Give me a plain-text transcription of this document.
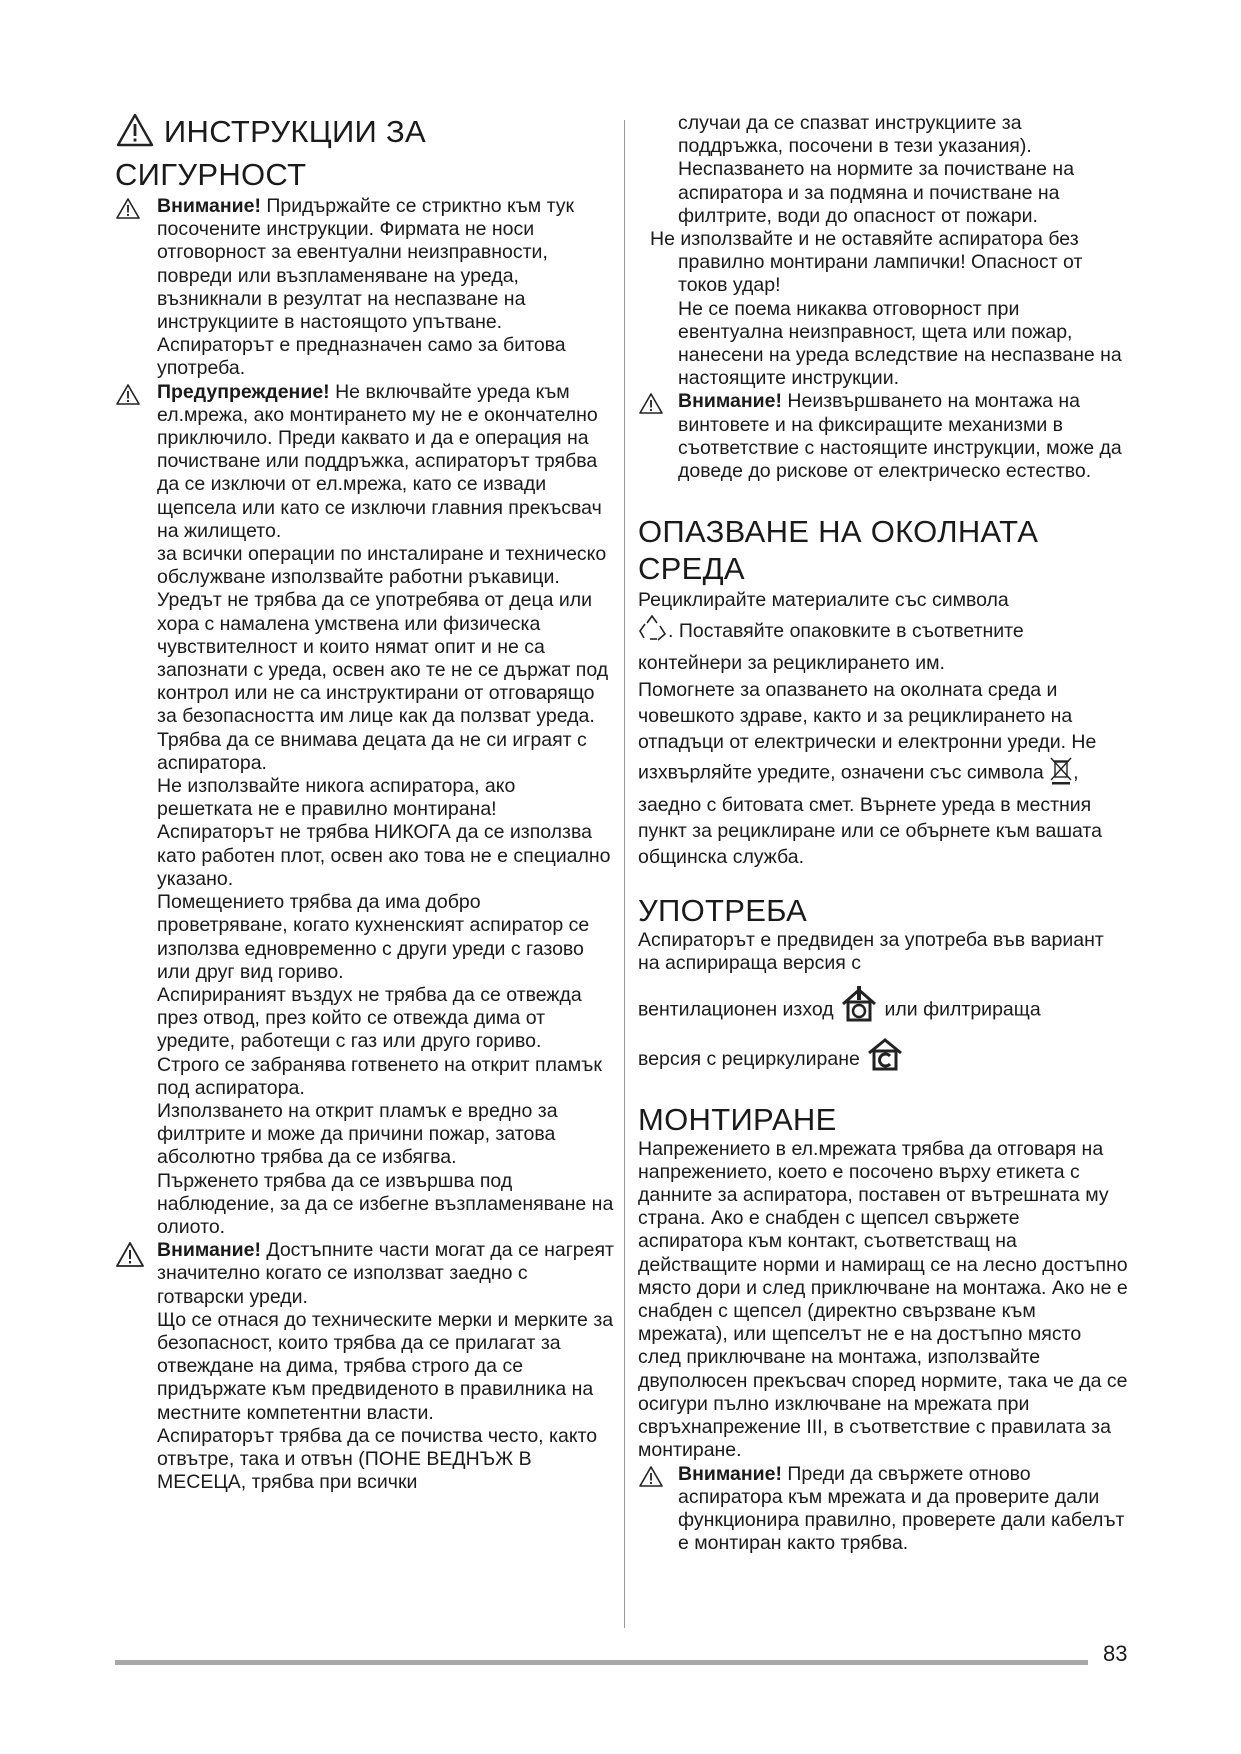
ИНСТРУКЦИИ ЗА
СИГУРНОСТ

Внимание! Придържайте се стриктно към тук посочените инструкции. Фирмата не носи отговорност за евентуални неизправности, повреди или възпламеняване на уреда, възникнали в резултат на неспазване на инструкциите в настоящото упътване. Аспираторът е предназначен само за битова употреба.

Предупреждение! Не включвайте уреда към ел.мрежа, ако монтирането му не е окончателно приключило. Преди каквато и да е операция на почистване или поддръжка, аспираторът трябва да се изключи от ел.мрежа, като се извади щепсела или като се изключи главния прекъсвач на жилището.

за всички операции по инсталиране и техническо обслужване използвайте работни ръкавици.

Уредът не трябва да се употребява от деца или хора с намалена умствена или физическа чувствителност и които нямат опит и не са запознати с уреда, освен ако те не се държат под контрол или не са инструктирани от отговарящо за безопасността им лице как да ползват уреда. Трябва да се внимава децата да не си играят с аспиратора.

Не използвайте никога аспиратора, ако решетката не е правилно монтирана!

Аспираторът не трябва НИКОГА да се използва като работен плот, освен ако това не е специално указано.

Помещението трябва да има добро проветряване, когато кухненският аспиратор се използва едновременно с други уреди с газово или друг вид гориво.

Аспирираният въздух не трябва да се отвежда през отвод, през който се отвежда дима от уредите, работещи с газ или друго гориво.

Строго се забранява готвенето на открит пламък под аспиратора.

Използването на открит пламък е вредно за филтрите и може да причини пожар, затова абсолютно трябва да се избягва.

Пърженето трябва да се извършва под наблюдение, за да се избегне възпламеняване на олиото.

Внимание! Достъпните части могат да се нагреят значително когато се използват заедно с готварски уреди.

Що се отнася до техническите мерки и мерките за безопасност, които трябва да се прилагат за отвеждане на дима, трябва строго да се придържате към предвиденото в правилника на местните компетентни власти.

Аспираторът трябва да се почиства често, както отвътре, така и отвън (ПОНЕ ВЕДНЪЖ В МЕСЕЦА, трябва при всички

случаи да се спазват инструкциите за поддръжка, посочени в тези указания). Неспазването на нормите за почистване на аспиратора и за подмяна и почистване на филтрите, води до опасност от пожари.

Не използвайте и не оставяйте аспиратора без правилно монтирани лампички! Опасност от токов удар!

Не се поема никаква отговорност при евентуална неизправност, щета или пожар, нанесени на уреда вследствие на неспазване на настоящите инструкции.

Внимание! Неизвършването на монтажа на винтовете и на фиксиращите механизми в съответствие с настоящите инструкции, може да доведе до рискове от електрическо естество.

ОПАЗВАНЕ НА ОКОЛНАТА
СРЕДА

Рециклирайте материалите със символа
. Поставяйте опаковките в съответните контейнери за рециклирането им.

Помогнете за опазването на околната среда и човешкото здраве, както и за рециклирането на отпадъци от електрически и електронни уреди. Не изхвърляйте уредите, означени със символа , заедно с битовата смет. Върнете уреда в местния пункт за рециклиране или се обърнете към вашата общинска служба.

УПОТРЕБА

Аспираторът е предвиден за употреба във вариант на аспирираща версия с

вентилационен изход	или филтрираща

версия с рециркулиране

МОНТИРАНЕ

Напрежението в ел.мрежата трябва да отговаря на напрежението, което е посочено върху етикета с данните за аспиратора, поставен от вътрешната му страна. Ако е снабден с щепсел свържете аспиратора към контакт, съответстващ на действащите норми и намиращ се на лесно достъпно място дори и след приключване на монтажа. Ако не е снабден с щепсел (директно свързване към мрежата), или щепселът не е на достъпно място след приключване на монтажа, използвайте двуполюсен прекъсвач според нормите, така че да се осигури пълно изключване на мрежата при свръхнапрежение III, в съответствие с правилата за монтиране.

Внимание! Преди да свържете отново аспиратора към мрежата и да проверите дали функционира правилно, проверете дали кабелът е монтиран както трябва.

83
